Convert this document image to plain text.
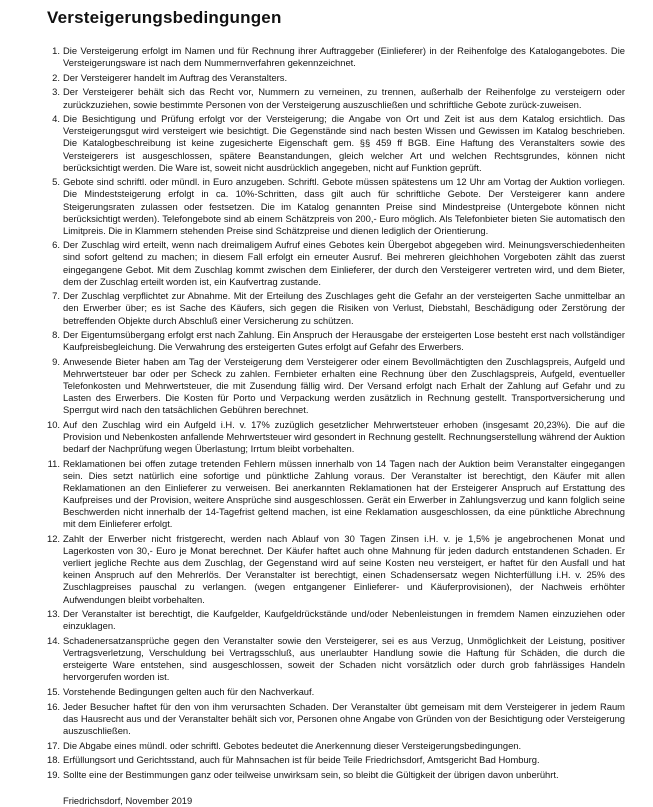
Versteigerungsbedingungen
1. Die Versteigerung erfolgt im Namen und für Rechnung ihrer Auftraggeber (Einlieferer) in der Reihenfolge des Katalogangebotes. Die Versteigerungsware ist nach dem Nummernverfahren gekennzeichnet.
2. Der Versteigerer handelt im Auftrag des Veranstalters.
3. Der Versteigerer behält sich das Recht vor, Nummern zu verneinen, zu trennen, außerhalb der Reihenfolge zu versteigern oder zurückzuziehen, sowie bestimmte Personen von der Versteigerung auszuschließen und schriftliche Gebote zurück-zuweisen.
4. Die Besichtigung und Prüfung erfolgt vor der Versteigerung; die Angabe von Ort und Zeit ist aus dem Katalog ersichtlich. Das Versteigerungsgut wird versteigert wie besichtigt. Die Gegenstände sind nach besten Wissen und Gewissen im Katalog beschrieben. Die Katalogbeschreibung ist keine zugesicherte Eigenschaft gem. §§ 459 ff BGB. Eine Haftung des Veranstalters sowie des Versteigerers ist ausgeschlossen, spätere Beanstandungen, gleich welcher Art und welchen Rechtsgrundes, können nicht berücksichtigt werden. Die Ware ist, soweit nicht ausdrücklich angegeben, nicht auf Funktion geprüft.
5. Gebote sind schriftl. oder mündl. in Euro anzugeben. Schriftl. Gebote müssen spätestens um 12 Uhr am Vortag der Auktion vorliegen. Die Mindeststeigerung erfolgt in ca. 10%-Schritten, dass gilt auch für schriftliche Gebote. Der Versteigerer kann andere Steigerungsraten zulassen oder festsetzen. Die im Katalog genannten Preise sind Mindestpreise (Untergebote können nicht berücksichtigt werden). Telefongebote sind ab einem Schätzpreis von 200,- Euro möglich. Als Telefonbieter bieten Sie automatisch den Limitpreis. Die in Klammern stehenden Preise sind Schätzpreise und dienen lediglich der Orientierung.
6. Der Zuschlag wird erteilt, wenn nach dreimaligem Aufruf eines Gebotes kein Übergebot abgegeben wird. Meinungsverschiedenheiten sind sofort geltend zu machen; in diesem Fall erfolgt ein erneuter Ausruf. Bei mehreren gleichhohen Vorgeboten zählt das zuerst eingegangene Gebot. Mit dem Zuschlag kommt zwischen dem Einlieferer, der durch den Versteigerer vertreten wird, und dem Bieter, dem der Zuschlag erteilt worden ist, ein Kaufvertrag zustande.
7. Der Zuschlag verpflichtet zur Abnahme. Mit der Erteilung des Zuschlages geht die Gefahr an der versteigerten Sache unmittelbar an den Erwerber über; es ist Sache des Käufers, sich gegen die Risiken von Verlust, Diebstahl, Beschädigung oder Zerstörung der betreffenden Objekte durch Abschluß einer Versicherung zu schützen.
8. Der Eigentumsübergang erfolgt erst nach Zahlung. Ein Anspruch der Herausgabe der ersteigerten Lose besteht erst nach vollständiger Kaufpreisbegleichung. Die Verwahrung des ersteigerten Gutes erfolgt auf Gefahr des Erwerbers.
9. Anwesende Bieter haben am Tag der Versteigerung dem Versteigerer oder einem Bevollmächtigten den Zuschlagspreis, Aufgeld und Mehrwertsteuer bar oder per Scheck zu zahlen. Fernbieter erhalten eine Rechnung über den Zuschlagspreis, Aufgeld, eventueller Telefonkosten und Mehrwertsteuer, die mit Zusendung fällig wird. Der Versand erfolgt nach Erhalt der Zahlung auf Gefahr und zu Lasten des Erwerbers. Die Kosten für Porto und Verpackung werden zusätzlich in Rechnung gestellt. Transportversicherung und Sperrgut wird nach den tatsächlichen Gebühren berechnet.
10. Auf den Zuschlag wird ein Aufgeld i.H. v. 17% zuzüglich gesetzlicher Mehrwertsteuer erhoben (insgesamt 20,23%). Die auf die Provision und Nebenkosten anfallende Mehrwertsteuer wird gesondert in Rechnung gestellt. Rechnungserstellung während der Auktion bedarf der Nachprüfung wegen Überlastung; Irrtum bleibt vorbehalten.
11. Reklamationen bei offen zutage tretenden Fehlern müssen innerhalb von 14 Tagen nach der Auktion beim Veranstalter eingegangen sein. Dies setzt natürlich eine sofortige und pünktliche Zahlung voraus. Der Veranstalter ist berechtigt, den Käufer mit allen Reklamationen an den Einlieferer zu verweisen. Bei anerkannten Reklamationen hat der Ersteigerer Anspruch auf Erstattung des Kaufpreises und der Provision, weitere Ansprüche sind ausgeschlossen. Gerät ein Erwerber in Zahlungsverzug und kann folglich seine Beschwerden nicht innerhalb der 14-Tagefrist geltend machen, ist eine Reklamation ausgeschlossen, da eine pünktliche Abrechnung mit dem Einlieferer erfolgt.
12. Zahlt der Erwerber nicht fristgerecht, werden nach Ablauf von 30 Tagen Zinsen i.H. v. je 1,5% je angebrochenen Monat und Lagerkosten von 30,- Euro je Monat berechnet. Der Käufer haftet auch ohne Mahnung für jeden dadurch entstandenen Schaden. Er verliert jegliche Rechte aus dem Zuschlag, der Gegenstand wird auf seine Kosten neu versteigert, er haftet für den Ausfall und hat keinen Anspruch auf den Mehrerlös. Der Veranstalter ist berechtigt, einen Schadensersatz wegen Nichterfüllung i.H. v. 25% des Zuschlagpreises pauschal zu verlangen. (wegen entgangener Einlieferer- und Käuferprovisionen), der Nachweis erhöhter Aufwendungen bleibt vorbehalten.
13. Der Veranstalter ist berechtigt, die Kaufgelder, Kaufgeldrückstände und/oder Nebenleistungen in fremdem Namen einzuziehen oder einzuklagen.
14. Schadenersatzansprüche gegen den Veranstalter sowie den Versteigerer, sei es aus Verzug, Unmöglichkeit der Leistung, positiver Vertragsverletzung, Verschuldung bei Vertragsschluß, aus unerlaubter Handlung sowie die Haftung für Schäden, die durch die ersteigerte Ware entstehen, sind ausgeschlossen, soweit der Schaden nicht vorsätzlich oder durch grob fahrlässiges Handeln hervorgerufen worden ist.
15. Vorstehende Bedingungen gelten auch für den Nachverkauf.
16. Jeder Besucher haftet für den von ihm verursachten Schaden. Der Veranstalter übt gemeisam mit dem Versteigerer in jedem Raum das Hausrecht aus und der Veranstalter behält sich vor, Personen ohne Angabe von Gründen von der Besichtigung oder Versteigerung auszuschließen.
17. Die Abgabe eines mündl. oder schriftl. Gebotes bedeutet die Anerkennung dieser Versteigerungsbedingungen.
18. Erfüllungsort und Gerichtsstand, auch für Mahnsachen ist für beide Teile Friedrichsdorf, Amtsgericht Bad Homburg.
19. Sollte eine der Bestimmungen ganz oder teilweise unwirksam sein, so bleibt die Gültigkeit der übrigen davon unberührt.
Friedrichsdorf, November 2019
